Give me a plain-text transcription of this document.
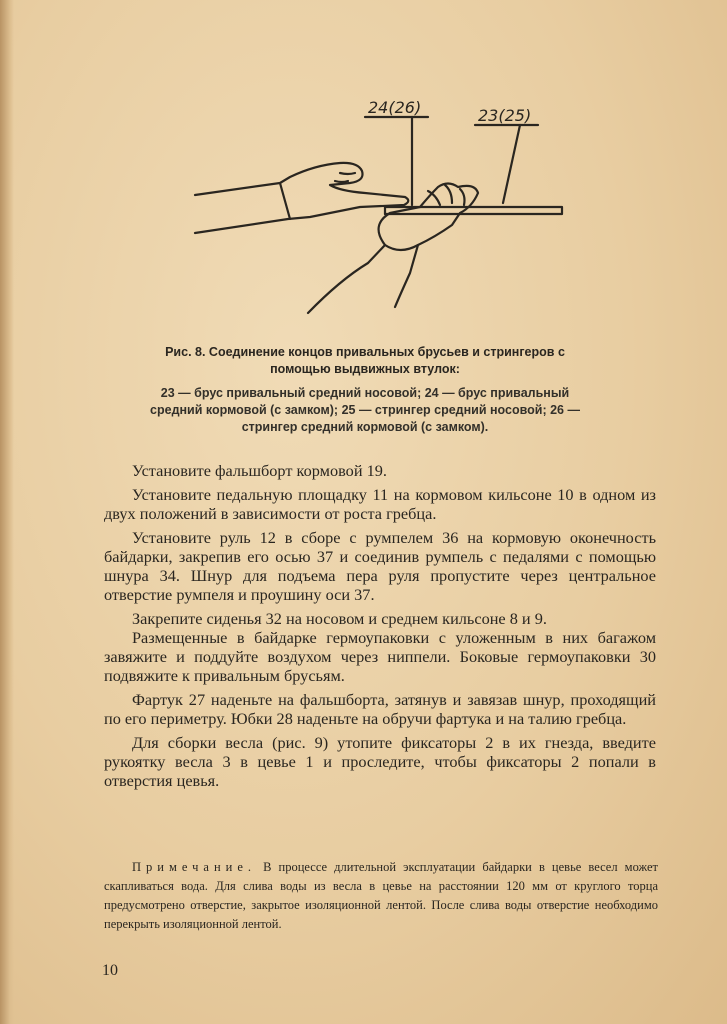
24(26)	23(25)
Рис. 8. Соединение концов привальных брусьев и стрингеров с помощью выдвижных втулок:
23 — брус привальный средний носовой; 24 — брус привальный средний кормовой (с замком); 25 — стрингер средний носовой; 26 — стрингер средний кормовой (с замком).

Установите фальшборт кормовой 19.

Установите педальную площадку 11 на кормовом кильсоне 10 в одном из двух положений в зависимости от роста гребца.

Установите руль 12 в сборе с румпелем 36 на кормовую оконечность байдарки, закрепив его осью 37 и соединив румпель с педалями с помощью шнура 34. Шнур для подъема пера руля пропустите через центральное отверстие румпеля и проушину оси 37.

Закрепите сиденья 32 на носовом и среднем кильсоне 8 и 9.

Размещенные в байдарке гермоупаковки с уложенным в них багажом завяжите и поддуйте воздухом через ниппели. Боковые гермоупаковки 30 подвяжите к привальным брусьям.

Фартук 27 наденьте на фальшборта, затянув и завязав шнур, проходящий по его периметру. Юбки 28 наденьте на обручи фартука и на талию гребца.

Для сборки весла (рис. 9) утопите фиксаторы 2 в их гнезда, введите рукоятку весла 3 в цевье 1 и проследите, чтобы фиксаторы 2 попали в отверстия цевья.

Примечание. В процессе длительной эксплуатации байдарки в цевье весел может скапливаться вода. Для слива воды из весла в цевье на расстоянии 120 мм от круглого торца предусмотрено отверстие, закрытое изоляционной лентой. После слива воды отверстие необходимо перекрыть изоляционной лентой.
10
